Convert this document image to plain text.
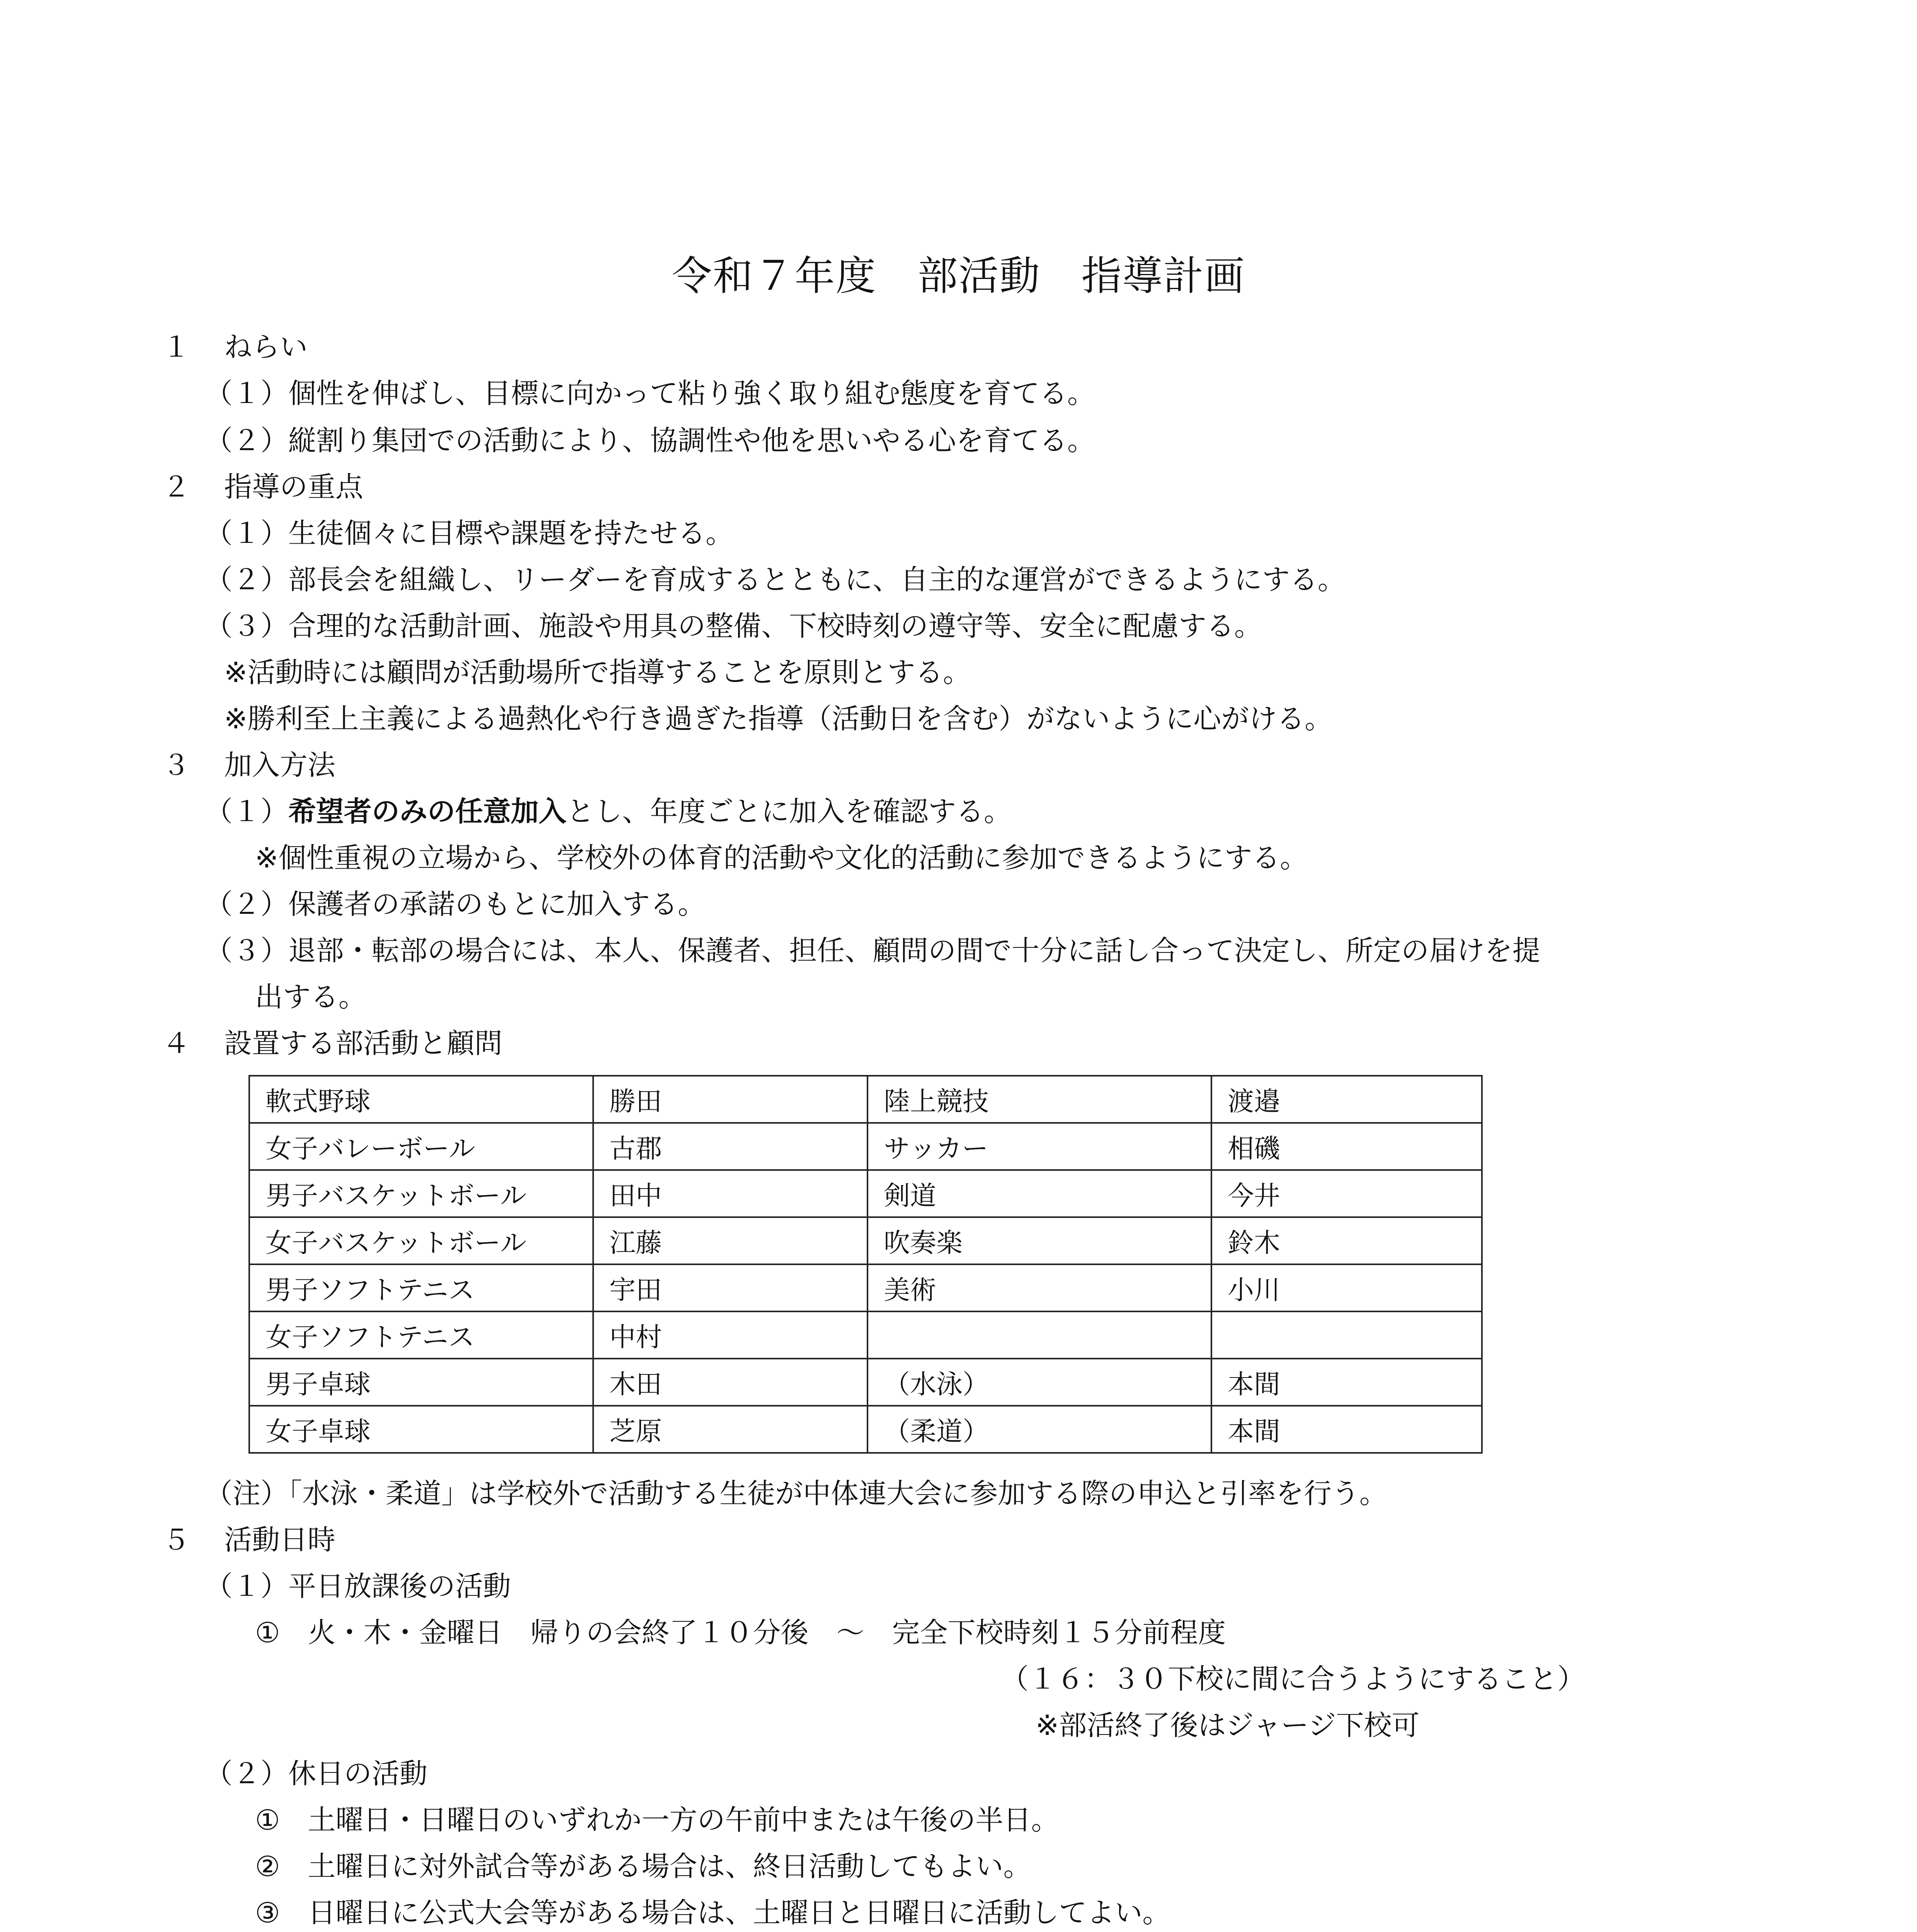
令和７年度　部活動　指導計画
１ ねらい
（１）個性を伸ばし、目標に向かって粘り強く取り組む態度を育てる。
（２）縦割り集団での活動により、協調性や他を思いやる心を育てる。
２ 指導の重点
（１）生徒個々に目標や課題を持たせる。
（２）部長会を組織し、リーダーを育成するとともに、自主的な運営ができるようにする。
（３）合理的な活動計画、施設や用具の整備、下校時刻の遵守等、安全に配慮する。
※活動時には顧問が活動場所で指導することを原則とする。
※勝利至上主義による過熱化や行き過ぎた指導（活動日を含む）がないように心がける。
３ 加入方法
（１）希望者のみの任意加入とし、年度ごとに加入を確認する。
※個性重視の立場から、学校外の体育的活動や文化的活動に参加できるようにする。
（２）保護者の承諾のもとに加入する。
（３）退部・転部の場合には、本人、保護者、担任、顧問の間で十分に話し合って決定し、所定の届けを提
出する。
４ 設置する部活動と顧問
軟式野球	勝田	陸上競技	渡邉
女子バレーボール	古郡	サッカー	相磯
男子バスケットボール	田中	剣道	今井
女子バスケットボール	江藤	吹奏楽	鈴木
男子ソフトテニス	宇田	美術	小川
女子ソフトテニス	中村		
男子卓球	木田	（水泳）	本間
女子卓球	芝原	（柔道）	本間
（注）「水泳・柔道」は学校外で活動する生徒が中体連大会に参加する際の申込と引率を行う。
５ 活動日時
（１）平日放課後の活動
①　火・木・金曜日　帰りの会終了１０分後　～　完全下校時刻１５分前程度
（１６：３０下校に間に合うようにすること）
※部活終了後はジャージ下校可
（２）休日の活動
①　土曜日・日曜日のいずれか一方の午前中または午後の半日。
②　土曜日に対外試合等がある場合は、終日活動してもよい。
③　日曜日に公式大会等がある場合は、土曜日と日曜日に活動してよい。
